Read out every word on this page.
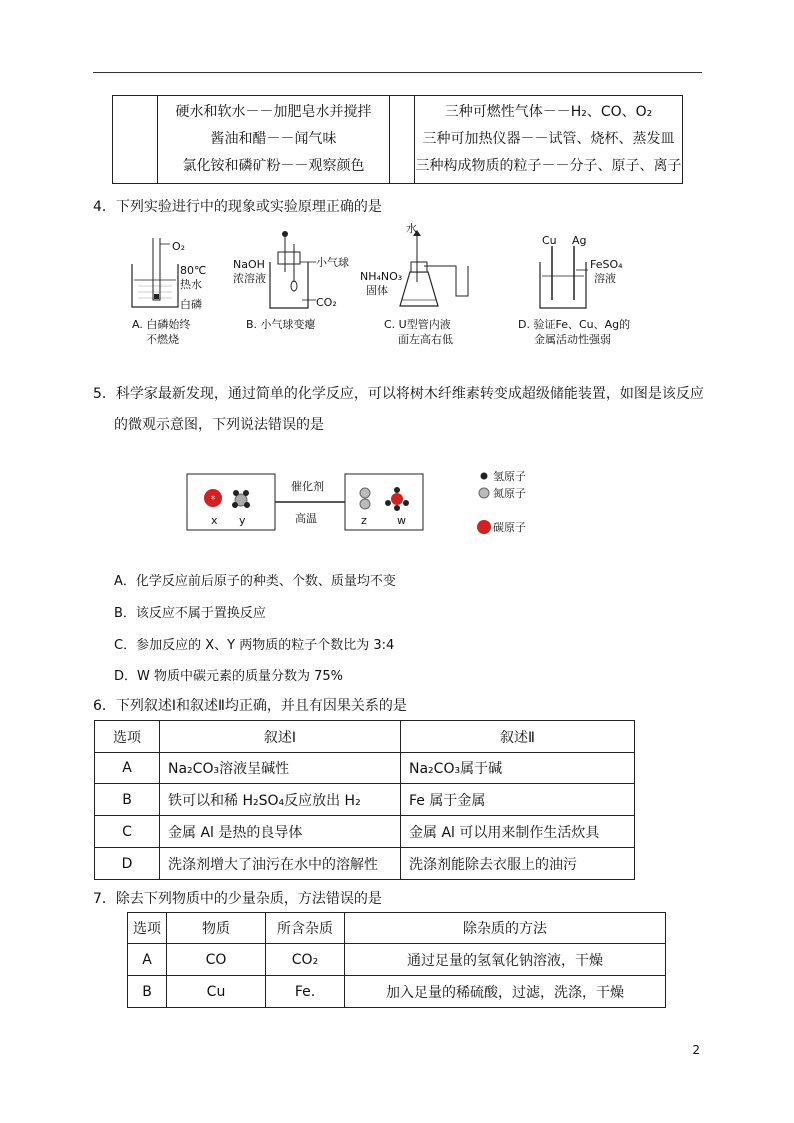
硬水和软水－－加肥皂水并搅拌
酱油和醋－－闻气味
氯化铵和磷矿粉－－观察颜色

三种可燃性气体－－H₂、CO、O₂
三种可加热仪器－－试管、烧杯、蒸发皿
三种构成物质的粒子－－分子、原子、离子
4．下列实验进行中的现象或实验原理正确的是
O₂
80℃
热水
白磷
A. 白磷始终
不燃烧
NaOH
浓溶液
小气球
CO₂
B. 小气球变瘪
水
NH₄NO₃
固体
C. U型管内液
面左高右低
Cu Ag
FeSO₄
溶液
D. 验证Fe、Cu、Ag的
金属活动性强弱
5．科学家最新发现，通过简单的化学反应，可以将树木纤维素转变成超级储能装置，如图是该反应
的微观示意图，下列说法错误的是
*
x y
催化剂
高温	z	w
氢原子
氮原子
碳原子
A．化学反应前后原子的种类、个数、质量均不变
B．该反应不属于置换反应
C．参加反应的 X、Y 两物质的粒子个数比为 3:4
D．W 物质中碳元素的质量分数为 75%
6．下列叙述Ⅰ和叙述Ⅱ均正确，并且有因果关系的是
选项	叙述Ⅰ	叙述Ⅱ
A	Na₂CO₃溶液呈碱性	Na₂CO₃属于碱
B	铁可以和稀 H₂SO₄反应放出 H₂	Fe 属于金属
C	金属 Al 是热的良导体	金属 Al 可以用来制作生活炊具
D	洗涤剂增大了油污在水中的溶解性	洗涤剂能除去衣服上的油污
7．除去下列物质中的少量杂质，方法错误的是
选项	物质	所含杂质	除杂质的方法
A	CO	CO₂	通过足量的氢氧化钠溶液，干燥
B	Cu	Fe.	加入足量的稀硫酸，过滤，洗涤，干燥
2
